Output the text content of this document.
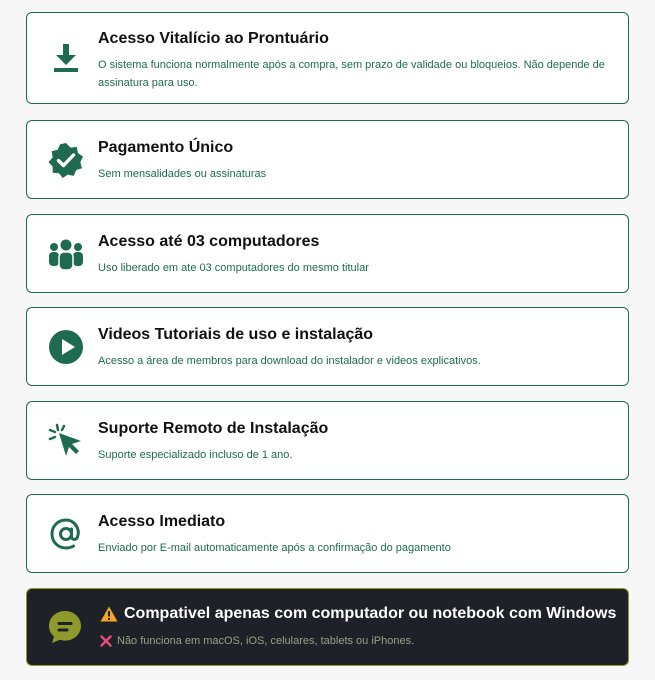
Acesso Vitalício ao Prontuário
O sistema funciona normalmente após a compra, sem prazo de validade ou bloqueios. Não depende de assinatura para uso.
Pagamento Único
Sem mensalidades ou assinaturas
Acesso até 03 computadores
Uso liberado em ate 03 computadores do mesmo titular
Videos Tutoriais de uso e instalação
Acesso a área de membros para download do instalador e videos explicativos.
Suporte Remoto de Instalação
Suporte especializado incluso de 1 ano.
Acesso Imediato
Enviado por E-mail automaticamente após a confirmação do pagamento
Compativel apenas com computador ou notebook com Windows
Não funciona em macOS, iOS, celulares, tablets ou iPhones.
